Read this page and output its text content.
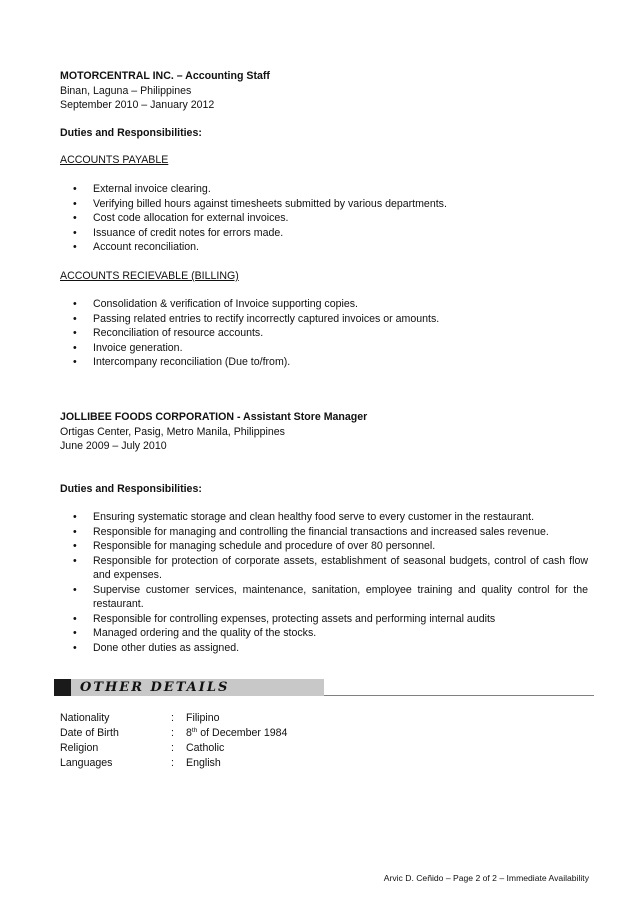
MOTORCENTRAL INC. – Accounting Staff
Binan, Laguna – Philippines
September 2010 – January 2012
Duties and Responsibilities:
ACCOUNTS PAYABLE
• External invoice clearing.
• Verifying billed hours against timesheets submitted by various departments.
• Cost code allocation for external invoices.
• Issuance of credit notes for errors made.
• Account reconciliation.
ACCOUNTS RECIEVABLE (BILLING)
• Consolidation & verification of Invoice supporting copies.
• Passing related entries to rectify incorrectly captured invoices or amounts.
• Reconciliation of resource accounts.
• Invoice generation.
• Intercompany reconciliation (Due to/from).
JOLLIBEE FOODS CORPORATION - Assistant Store Manager
Ortigas Center, Pasig, Metro Manila, Philippines
June 2009 – July 2010
Duties and Responsibilities:
• Ensuring systematic storage and clean healthy food serve to every customer in the restaurant.
• Responsible for managing and controlling the financial transactions and increased sales revenue.
• Responsible for managing schedule and procedure of over 80 personnel.
• Responsible for protection of corporate assets, establishment of seasonal budgets, control of cash flow and expenses.
• Supervise customer services, maintenance, sanitation, employee training and quality control for the restaurant.
• Responsible for controlling expenses, protecting assets and performing internal audits
• Managed ordering and the quality of the stocks.
• Done other duties as assigned.
OTHER DETAILS
Nationality	: Filipino
Date of Birth	: 8th of December 1984
Religion	: Catholic
Languages	: English
Arvic D. Ceñido – Page 2 of 2 – Immediate Availability
